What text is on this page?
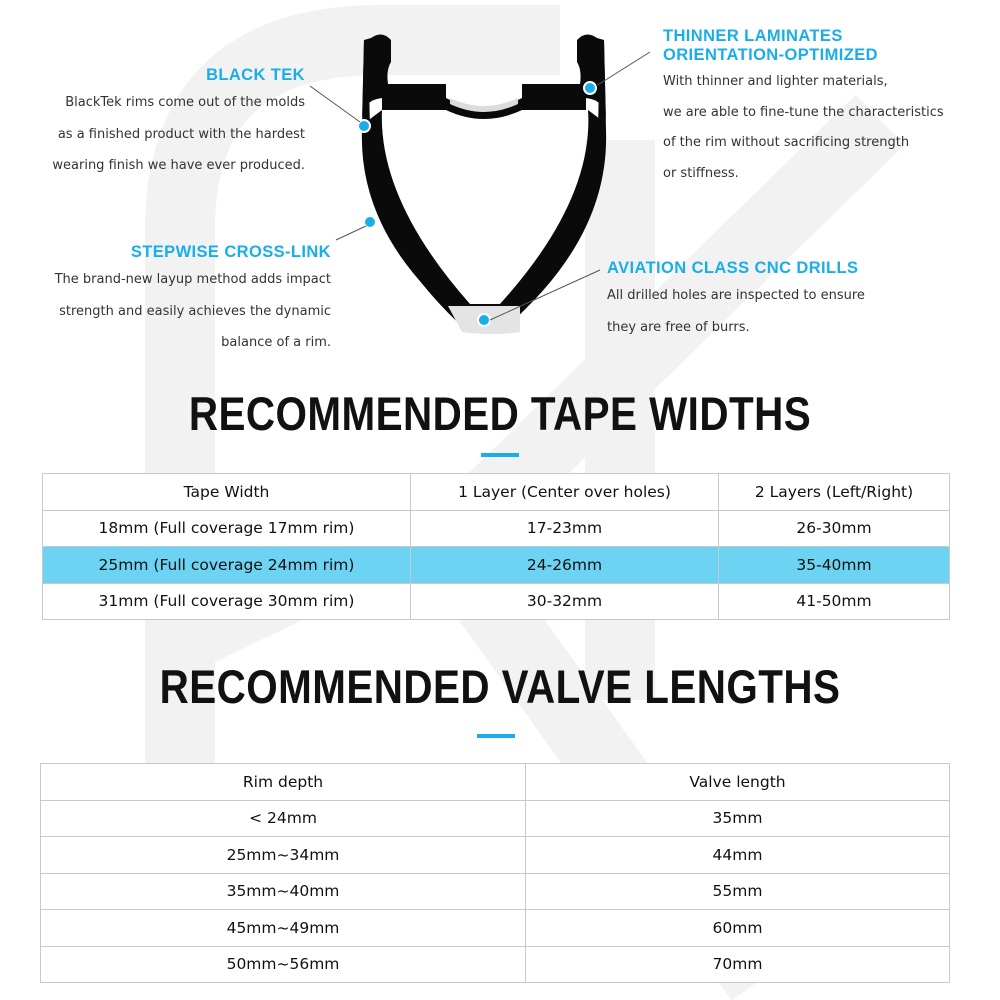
BLACK TEK

BlackTek rims come out of the molds

as a finished product with the hardest

wearing finish we have ever produced.

THINNER LAMINATES
ORIENTATION-OPTIMIZED

With thinner and lighter materials,

we are able to fine-tune the characteristics

of the rim without sacrificing strength

or stiffness.

STEPWISE CROSS-LINK

The brand-new layup method adds impact

strength and easily achieves the dynamic

balance of a rim.

AVIATION CLASS CNC DRILLS

All drilled holes are inspected to ensure

they are free of burrs.

RECOMMENDED TAPE WIDTHS
Tape Width	1 Layer (Center over holes)	2 Layers (Left/Right)
18mm (Full coverage 17mm rim)	17-23mm	26-30mm
25mm (Full coverage 24mm rim)	24-26mm	35-40mm
31mm (Full coverage 30mm rim)	30-32mm	41-50mm
RECOMMENDED VALVE LENGTHS
Rim depth	Valve length
< 24mm	35mm
25mm~34mm	44mm
35mm~40mm	55mm
45mm~49mm	60mm
50mm~56mm	70mm
